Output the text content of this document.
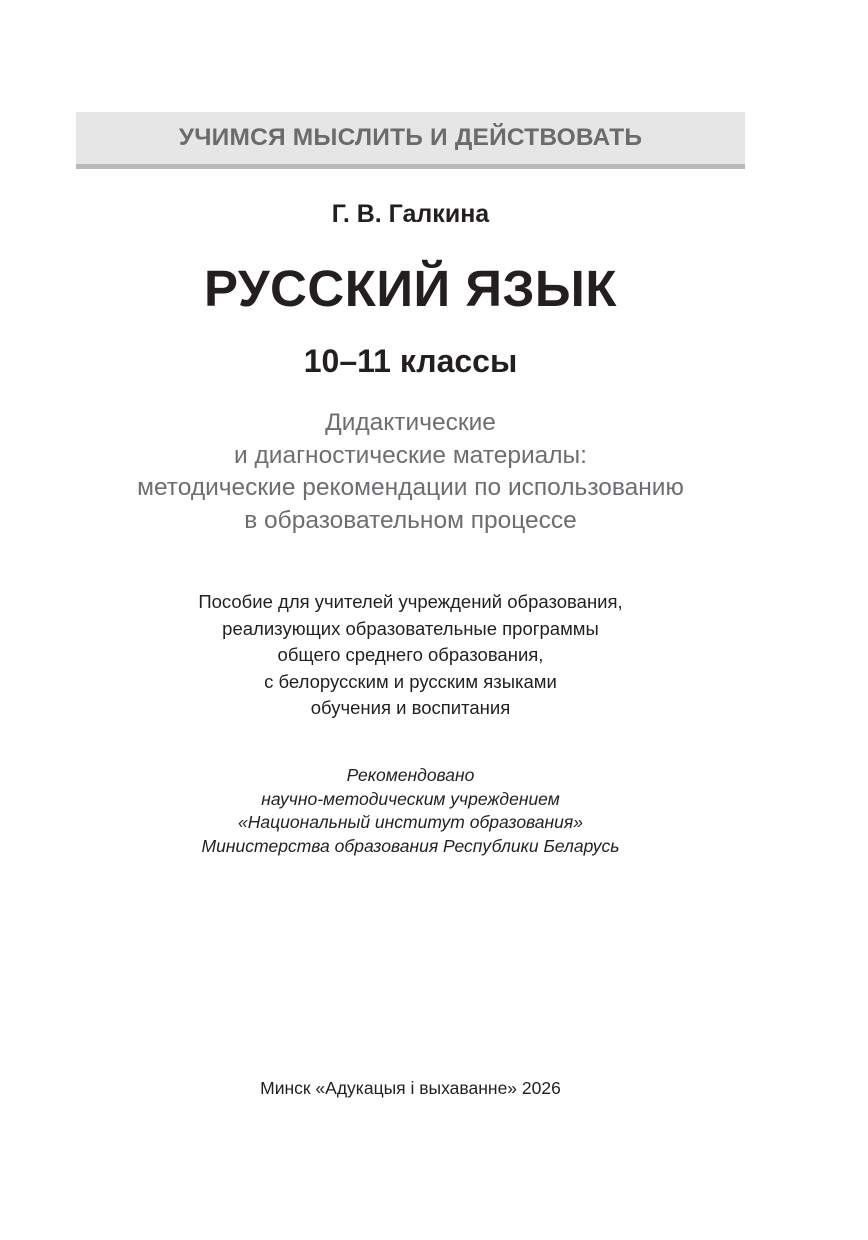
УЧИМСЯ МЫСЛИТЬ И ДЕЙСТВОВАТЬ
Г. В. Галкина
РУССКИЙ ЯЗЫК
10–11 классы
Дидактические
и диагностические материалы:
методические рекомендации по использованию
в образовательном процессе
Пособие для учителей учреждений образования,
реализующих образовательные программы
общего среднего образования,
с белорусским и русским языками
обучения и воспитания
Рекомендовано
научно-методическим учреждением
«Национальный институт образования»
Министерства образования Республики Беларусь
Минск «Адукацыя і выхаванне» 2026
